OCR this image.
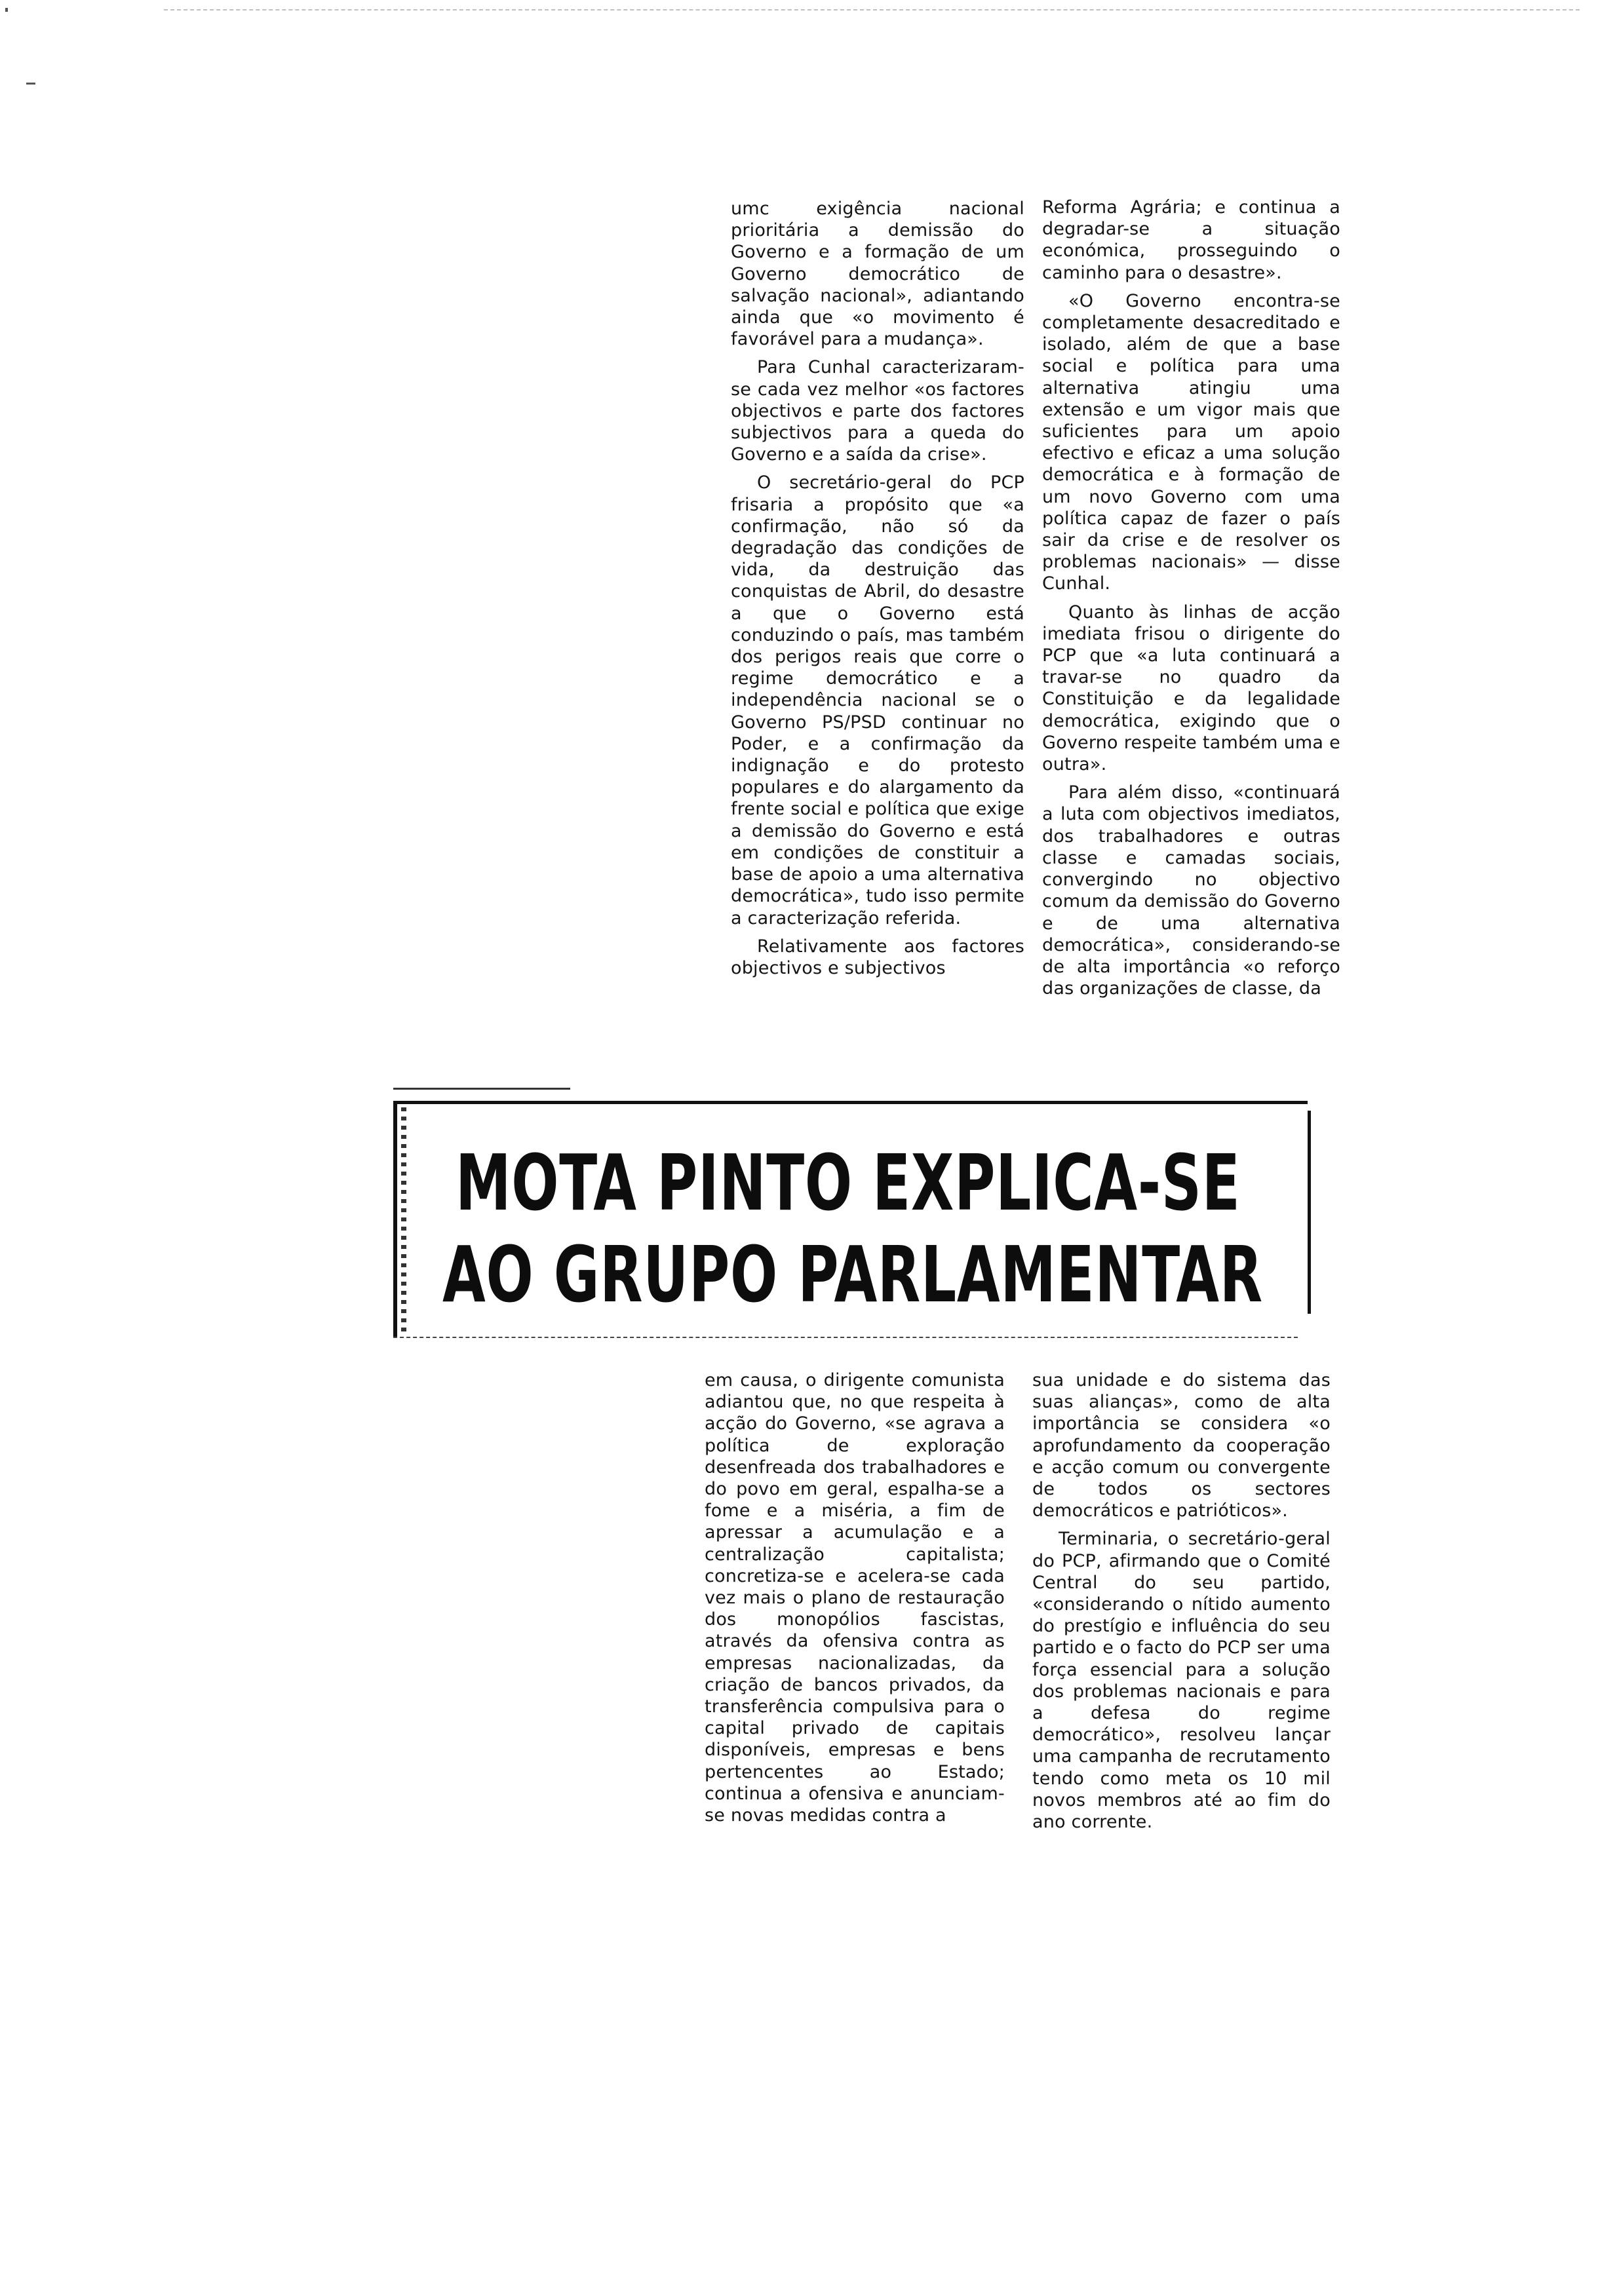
umc exigência nacional prioritária a demissão do Governo e a formação de um Governo democrático de salvação nacional», adiantando ainda que «o movimento é favorável para a mudança».

Para Cunhal caracterizaram-se cada vez melhor «os factores objectivos e parte dos factores subjectivos para a queda do Governo e a saída da crise».

O secretário-geral do PCP frisaria a propósito que «a confirmação, não só da degradação das condições de vida, da destruição das conquistas de Abril, do desastre a que o Governo está conduzindo o país, mas também dos perigos reais que corre o regime democrático e a independência nacional se o Governo PS/PSD continuar no Poder, e a confirmação da indignação e do protesto populares e do alargamento da frente social e política que exige a demissão do Governo e está em condições de constituir a base de apoio a uma alternativa democrática», tudo isso permite a caracterização referida.

Relativamente aos factores objectivos e subjectivos

Reforma Agrária; e continua a degradar-se a situação económica, prosseguindo o caminho para o desastre».

«O Governo encontra-se completamente desacreditado e isolado, além de que a base social e política para uma alternativa atingiu uma extensão e um vigor mais que suficientes para um apoio efectivo e eficaz a uma solução democrática e à formação de um novo Governo com uma política capaz de fazer o país sair da crise e de resolver os problemas nacionais» — disse Cunhal.

Quanto às linhas de acção imediata frisou o dirigente do PCP que «a luta continuará a travar-se no quadro da Constituição e da legalidade democrática, exigindo que o Governo respeite também uma e outra».

Para além disso, «continuará a luta com objectivos imediatos, dos trabalhadores e outras classe e camadas sociais, convergindo no objectivo comum da demissão do Governo e de uma alternativa democrática», considerando-se de alta importância «o reforço das organizações de classe, da

MOTA PINTO EXPLICA-SE
AO GRUPO PARLAMENTAR

em causa, o dirigente comunista adiantou que, no que respeita à acção do Governo, «se agrava a política de exploração desenfreada dos trabalhadores e do povo em geral, espalha-se a fome e a miséria, a fim de apressar a acumulação e a centralização capitalista; concretiza-se e acelera-se cada vez mais o plano de restauração dos monopólios fascistas, através da ofensiva contra as empresas nacionalizadas, da criação de bancos privados, da transferência compulsiva para o capital privado de capitais disponíveis, empresas e bens pertencentes ao Estado; continua a ofensiva e anunciam-se novas medidas contra a

sua unidade e do sistema das suas alianças», como de alta importância se considera «o aprofundamento da cooperação e acção comum ou convergente de todos os sectores democráticos e patrióticos».

Terminaria, o secretário-geral do PCP, afirmando que o Comité Central do seu partido, «considerando o nítido aumento do prestígio e influência do seu partido e o facto do PCP ser uma força essencial para a solução dos problemas nacionais e para a defesa do regime democrático», resolveu lançar uma campanha de recrutamento tendo como meta os 10 mil novos membros até ao fim do ano corrente.
